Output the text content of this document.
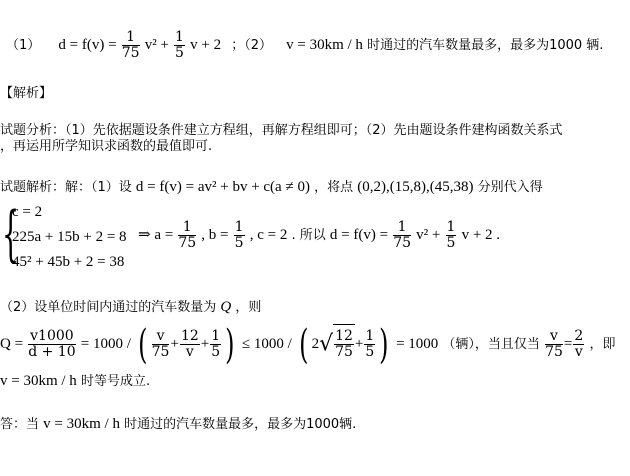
（1） $d = f(v) = \frac{1}{75} v^2 + \frac{1}{5}$ v + 2 ；（2） v = 30km / h 时通过的汽车数量最多，最多为1000 辆.
【解析】
试题分析：（1）先依据题设条件建立方程组，再解方程组即可；（2）先由题设条件建构函数关系式
，再运用所学知识求函数的最值即可.
试题解析：解：（1）设 d = f(v) = av² + bv + c(a ≠ 0) ，将点 (0,2),(15,8),(45,38) 分别代入得
{
c = 2
225a + 15b + 2 = 8
45² + 45b + 2 = 38
⇒ $a = \frac{1}{75}$ , $b = \frac{1}{5}$ , c = 2 . 所以 $d = f(v) = \frac{1}{75} v^2 + \frac{1}{5}$ v + 2 .
（2）设单位时间内通过的汽车数量为 Q ，则
$Q = \frac{v1000}{d + 10} = 1000$ / ( $\frac{v}{75} + \frac{12}{v} + \frac{1}{5}$ ) ≤ 1000 / ( $2√ \frac{12}{75} + \frac{1}{5}$ ) = 1000 （辆），当且仅当 $\frac{v}{75} = \frac{2}{v}$ ，即
v = 30km / h 时等号成立.
答：当 v = 30km / h 时通过的汽车数量最多，最多为1000辆.
